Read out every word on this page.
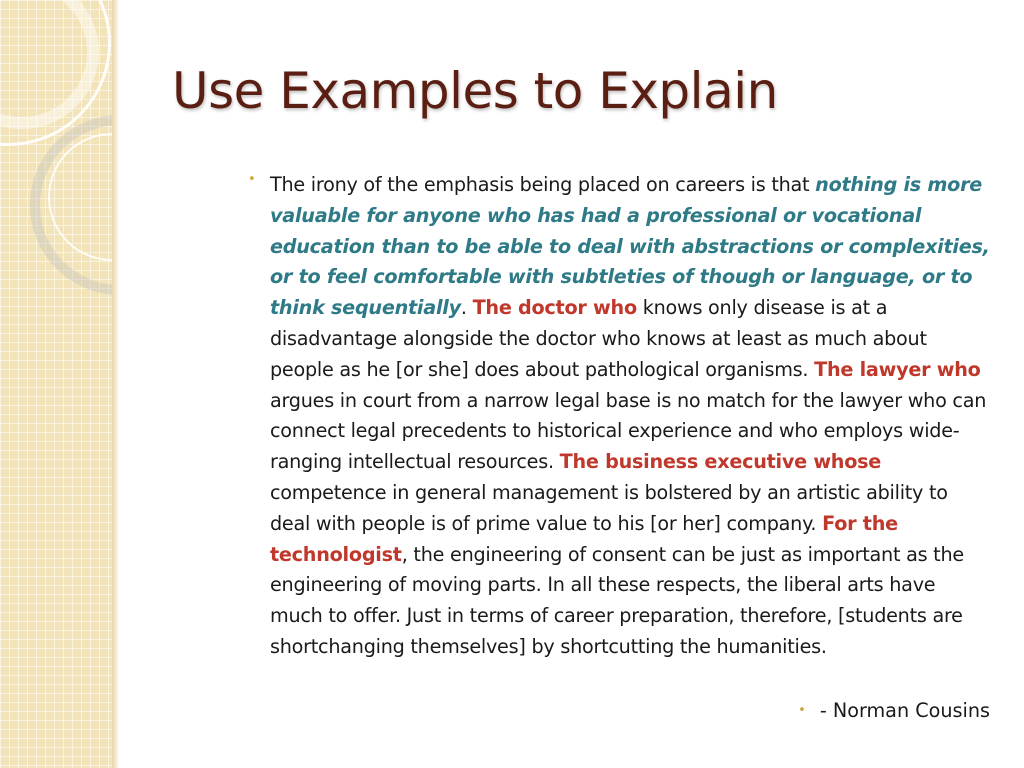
Use Examples to Explain
• The irony of the emphasis being placed on careers is that nothing is more valuable for anyone who has had a professional or vocational education than to be able to deal with abstractions or complexities, or to feel comfortable with subtleties of though or language, or to think sequentially. The doctor who knows only disease is at a disadvantage alongside the doctor who knows at least as much about people as he [or she] does about pathological organisms. The lawyer who argues in court from a narrow legal base is no match for the lawyer who can connect legal precedents to historical experience and who employs wide-ranging intellectual resources. The business executive whose competence in general management is bolstered by an artistic ability to deal with people is of prime value to his [or her] company. For the technologist, the engineering of consent can be just as important as the engineering of moving parts. In all these respects, the liberal arts have much to offer. Just in terms of career preparation, therefore, [students are shortchanging themselves] by shortcutting the humanities.
• - Norman Cousins
